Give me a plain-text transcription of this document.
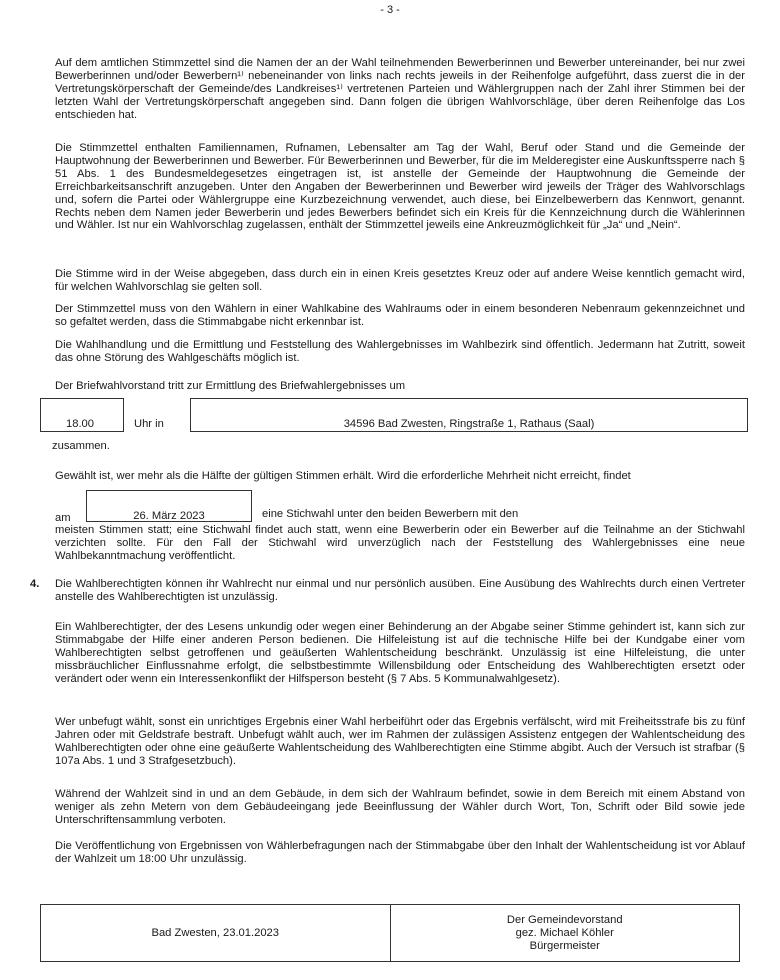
- 3 -

Auf dem amtlichen Stimmzettel sind die Namen der an der Wahl teilnehmenden Bewerberinnen und Bewerber untereinander, bei nur zwei Bewerberinnen und/oder Bewerbern¹⁾ nebeneinander von links nach rechts jeweils in der Reihenfolge aufgeführt, dass zuerst die in der Vertretungskörperschaft der Gemeinde/des Landkreises¹⁾ vertretenen Parteien und Wählergruppen nach der Zahl ihrer Stimmen bei der letzten Wahl der Vertretungskörperschaft angegeben sind. Dann folgen die übrigen Wahlvorschläge, über deren Reihenfolge das Los entschieden hat.

Die Stimmzettel enthalten Familiennamen, Rufnamen, Lebensalter am Tag der Wahl, Beruf oder Stand und die Gemeinde der Hauptwohnung der Bewerberinnen und Bewerber. Für Bewerberinnen und Bewerber, für die im Melderegister eine Auskunftssperre nach § 51 Abs. 1 des Bundesmeldegesetzes eingetragen ist, ist anstelle der Gemeinde der Hauptwohnung die Gemeinde der Erreichbarkeitsanschrift anzugeben. Unter den Angaben der Bewerberinnen und Bewerber wird jeweils der Träger des Wahlvorschlags und, sofern die Partei oder Wählergruppe eine Kurzbezeichnung verwendet, auch diese, bei Einzelbewerbern das Kennwort, genannt. Rechts neben dem Namen jeder Bewerberin und jedes Bewerbers befindet sich ein Kreis für die Kennzeichnung durch die Wählerinnen und Wähler. Ist nur ein Wahlvorschlag zugelassen, enthält der Stimmzettel jeweils eine Ankreuzmöglichkeit für „Ja“ und „Nein“.

Die Stimme wird in der Weise abgegeben, dass durch ein in einen Kreis gesetztes Kreuz oder auf andere Weise kenntlich gemacht wird, für welchen Wahlvorschlag sie gelten soll.

Der Stimmzettel muss von den Wählern in einer Wahlkabine des Wahlraums oder in einem besonderen Nebenraum gekennzeichnet und so gefaltet werden, dass die Stimmabgabe nicht erkennbar ist.

Die Wahlhandlung und die Ermittlung und Feststellung des Wahlergebnisses im Wahlbezirk sind öffentlich. Jedermann hat Zutritt, soweit das ohne Störung des Wahlgeschäfts möglich ist.

Der Briefwahlvorstand tritt zur Ermittlung des Briefwahlergebnisses um

18.00	Uhr in	34596 Bad Zwesten, Ringstraße 1, Rathaus (Saal)
zusammen.

Gewählt ist, wer mehr als die Hälfte der gültigen Stimmen erhält. Wird die erforderliche Mehrheit nicht erreicht, findet

am	26. März 2023	eine Stichwahl unter den beiden Bewerbern mit den

meisten Stimmen statt; eine Stichwahl findet auch statt, wenn eine Bewerberin oder ein Bewerber auf die Teilnahme an der Stichwahl verzichten sollte. Für den Fall der Stichwahl wird unverzüglich nach der Feststellung des Wahlergebnisses eine neue Wahlbekanntmachung veröffentlicht.

4. Die Wahlberechtigten können ihr Wahlrecht nur einmal und nur persönlich ausüben. Eine Ausübung des Wahlrechts durch einen Vertreter anstelle des Wahlberechtigten ist unzulässig.

Ein Wahlberechtigter, der des Lesens unkundig oder wegen einer Behinderung an der Abgabe seiner Stimme gehindert ist, kann sich zur Stimmabgabe der Hilfe einer anderen Person bedienen. Die Hilfeleistung ist auf die technische Hilfe bei der Kundgabe einer vom Wahlberechtigten selbst getroffenen und geäußerten Wahlentscheidung beschränkt. Unzulässig ist eine Hilfeleistung, die unter missbräuchlicher Einflussnahme erfolgt, die selbstbestimmte Willensbildung oder Entscheidung des Wahlberechtigten ersetzt oder verändert oder wenn ein Interessenkonflikt der Hilfsperson besteht (§ 7 Abs. 5 Kommunalwahlgesetz).

Wer unbefugt wählt, sonst ein unrichtiges Ergebnis einer Wahl herbeiführt oder das Ergebnis verfälscht, wird mit Freiheitsstrafe bis zu fünf Jahren oder mit Geldstrafe bestraft. Unbefugt wählt auch, wer im Rahmen der zulässigen Assistenz entgegen der Wahlentscheidung des Wahlberechtigten oder ohne eine geäußerte Wahlentscheidung des Wahlberechtigten eine Stimme abgibt. Auch der Versuch ist strafbar (§ 107a Abs. 1 und 3 Strafgesetzbuch).

Während der Wahlzeit sind in und an dem Gebäude, in dem sich der Wahlraum befindet, sowie in dem Bereich mit einem Abstand von weniger als zehn Metern von dem Gebäudeeingang jede Beeinflussung der Wähler durch Wort, Ton, Schrift oder Bild sowie jede Unterschriftensammlung verboten.

Die Veröffentlichung von Ergebnissen von Wählerbefragungen nach der Stimmabgabe über den Inhalt der Wahlentscheidung ist vor Ablauf der Wahlzeit um 18:00 Uhr unzulässig.

Bad Zwesten, 23.01.2023
Der Gemeindevorstand
gez. Michael Köhler
Bürgermeister
